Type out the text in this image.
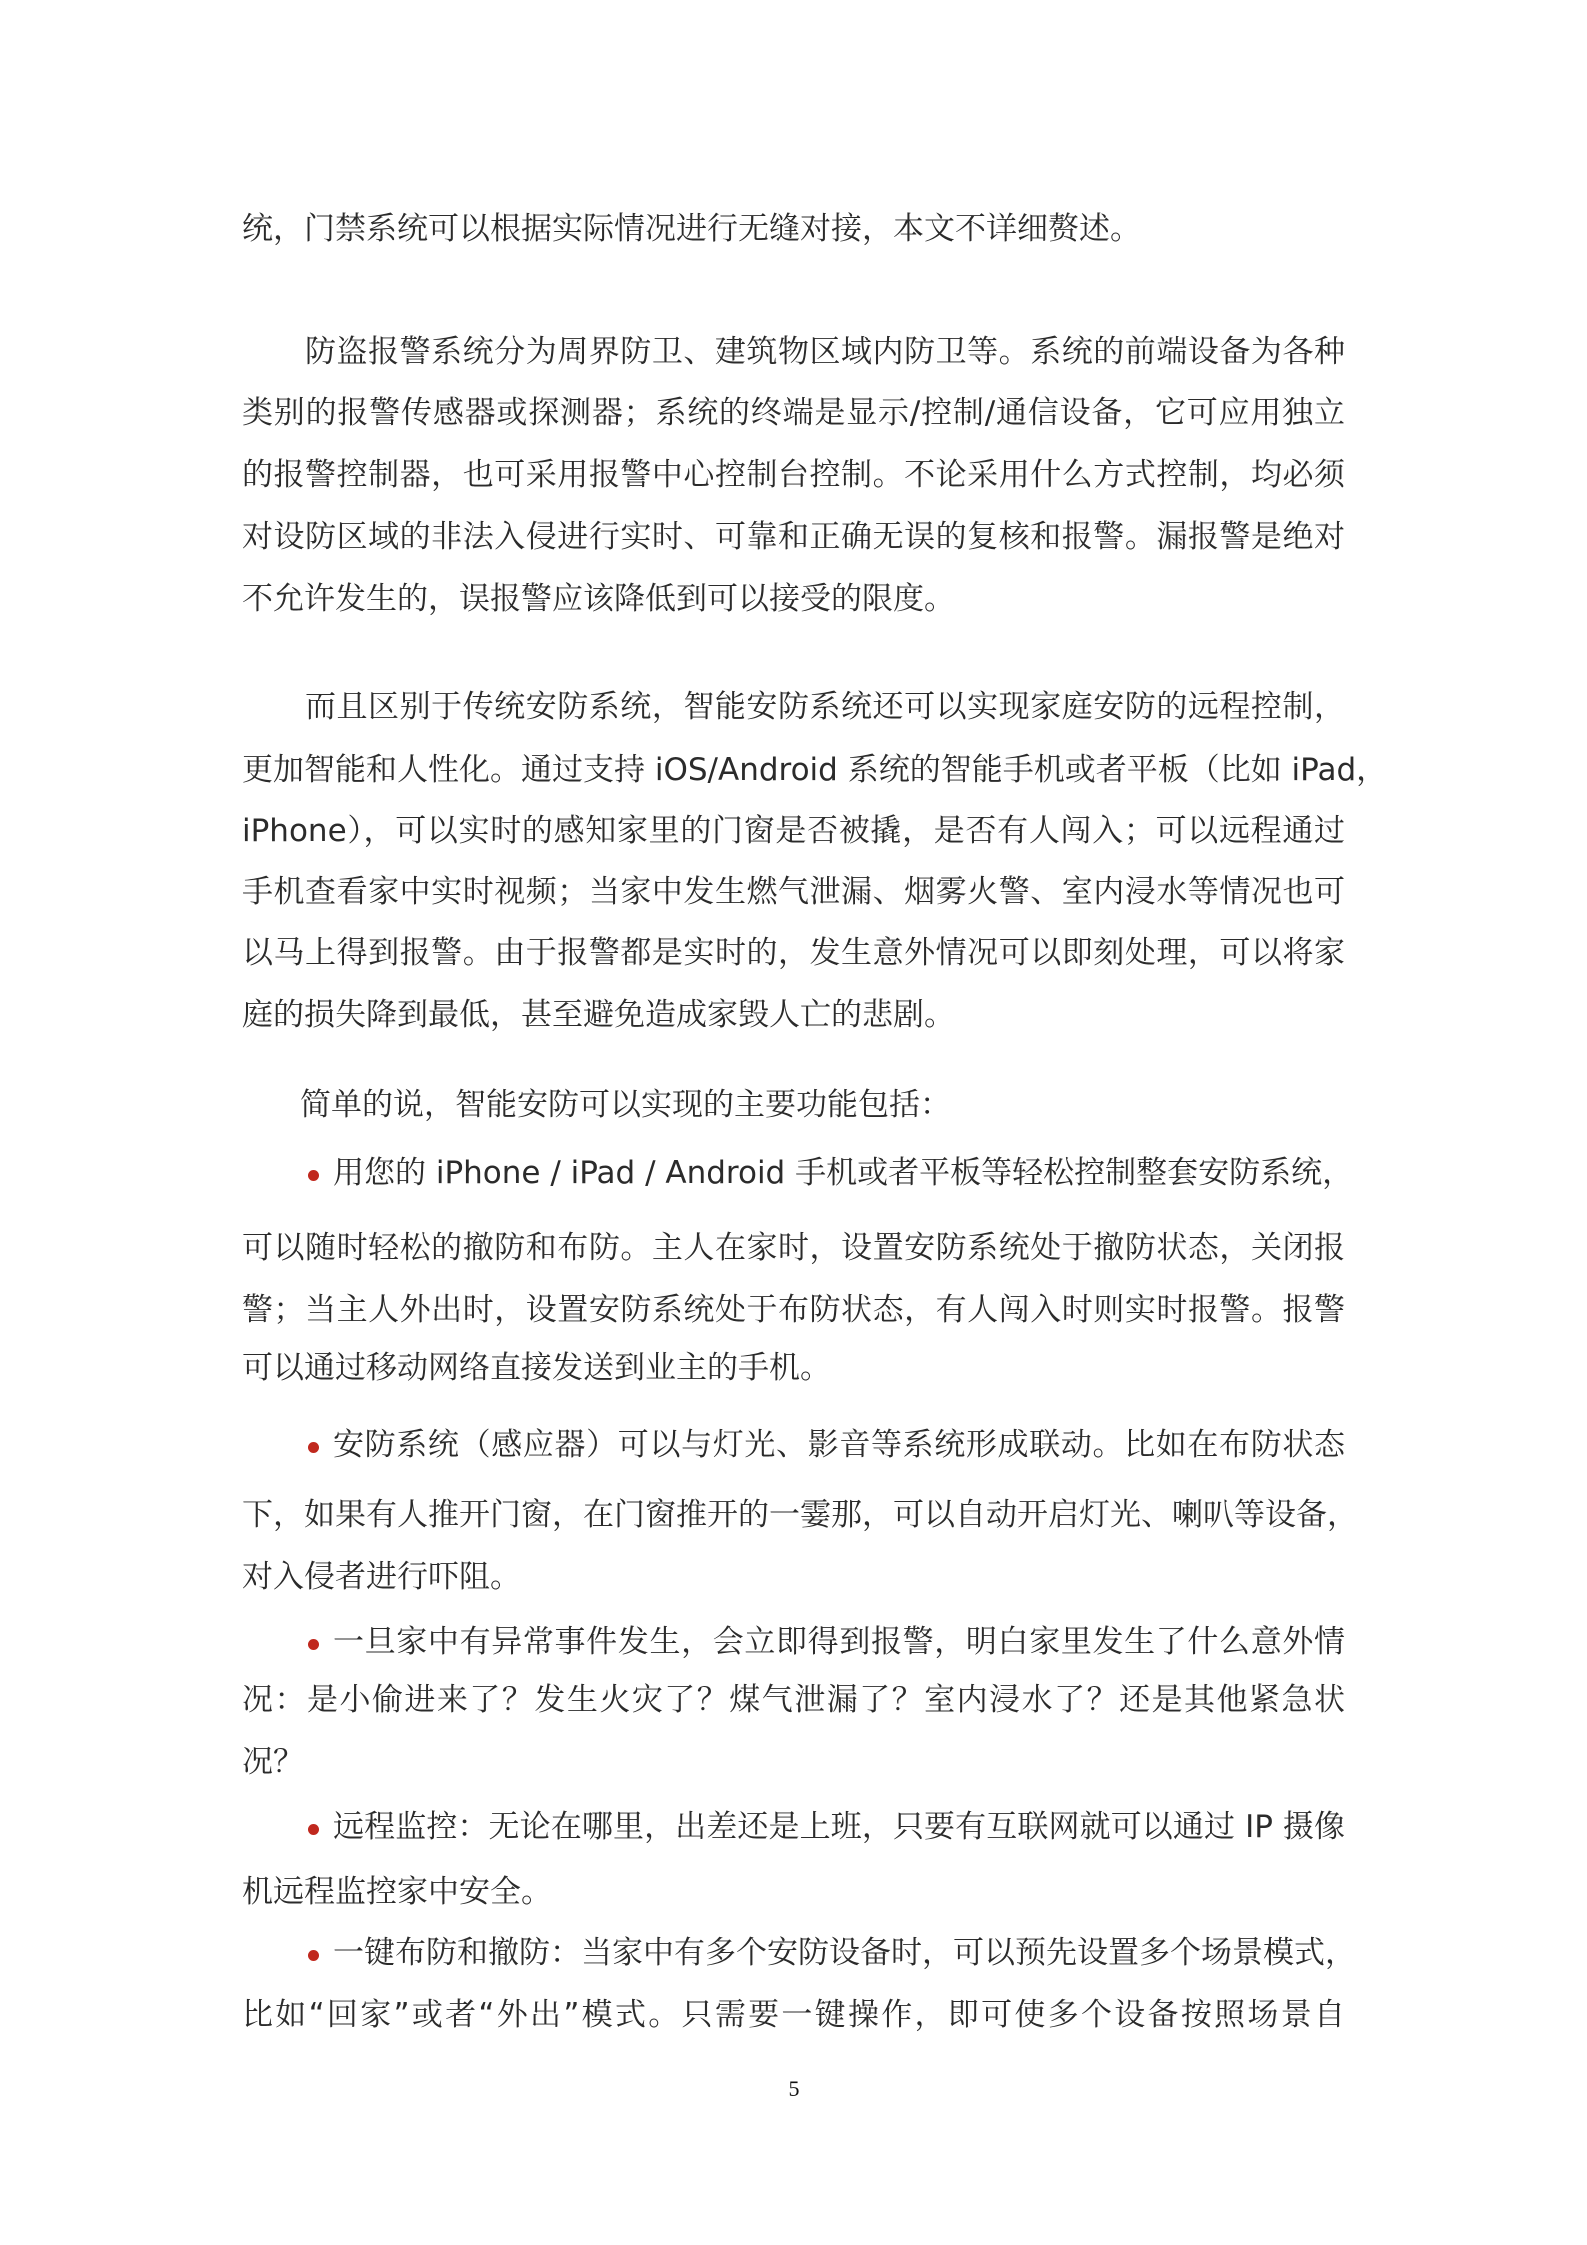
统，门禁系统可以根据实际情况进行无缝对接，本文不详细赘述。
防盗报警系统分为周界防卫、建筑物区域内防卫等。系统的前端设备为各种
类别的报警传感器或探测器；系统的终端是显示/控制/通信设备，它可应用独立
的报警控制器，也可采用报警中心控制台控制。不论采用什么方式控制，均必须
对设防区域的非法入侵进行实时、可靠和正确无误的复核和报警。漏报警是绝对
不允许发生的，误报警应该降低到可以接受的限度。
而且区别于传统安防系统，智能安防系统还可以实现家庭安防的远程控制，
更加智能和人性化。通过支持 iOS/Android 系统的智能手机或者平板（比如 iPad，
iPhone），可以实时的感知家里的门窗是否被撬，是否有人闯入；可以远程通过
手机查看家中实时视频；当家中发生燃气泄漏、烟雾火警、室内浸水等情况也可
以马上得到报警。由于报警都是实时的，发生意外情况可以即刻处理，可以将家
庭的损失降到最低，甚至避免造成家毁人亡的悲剧。
简单的说，智能安防可以实现的主要功能包括：
用您的 iPhone / iPad / Android 手机或者平板等轻松控制整套安防系统，
可以随时轻松的撤防和布防。主人在家时，设置安防系统处于撤防状态，关闭报
警；当主人外出时，设置安防系统处于布防状态，有人闯入时则实时报警。报警
可以通过移动网络直接发送到业主的手机。
安防系统（感应器）可以与灯光、影音等系统形成联动。比如在布防状态
下，如果有人推开门窗，在门窗推开的一霎那，可以自动开启灯光、喇叭等设备，
对入侵者进行吓阻。
一旦家中有异常事件发生，会立即得到报警，明白家里发生了什么意外情
况：是小偷进来了？发生火灾了？煤气泄漏了？室内浸水了？还是其他紧急状
况？
远程监控：无论在哪里，出差还是上班，只要有互联网就可以通过 IP 摄像
机远程监控家中安全。
一键布防和撤防：当家中有多个安防设备时，可以预先设置多个场景模式，
比如“回家”或者“外出”模式。只需要一键操作，即可使多个设备按照场景自
5
